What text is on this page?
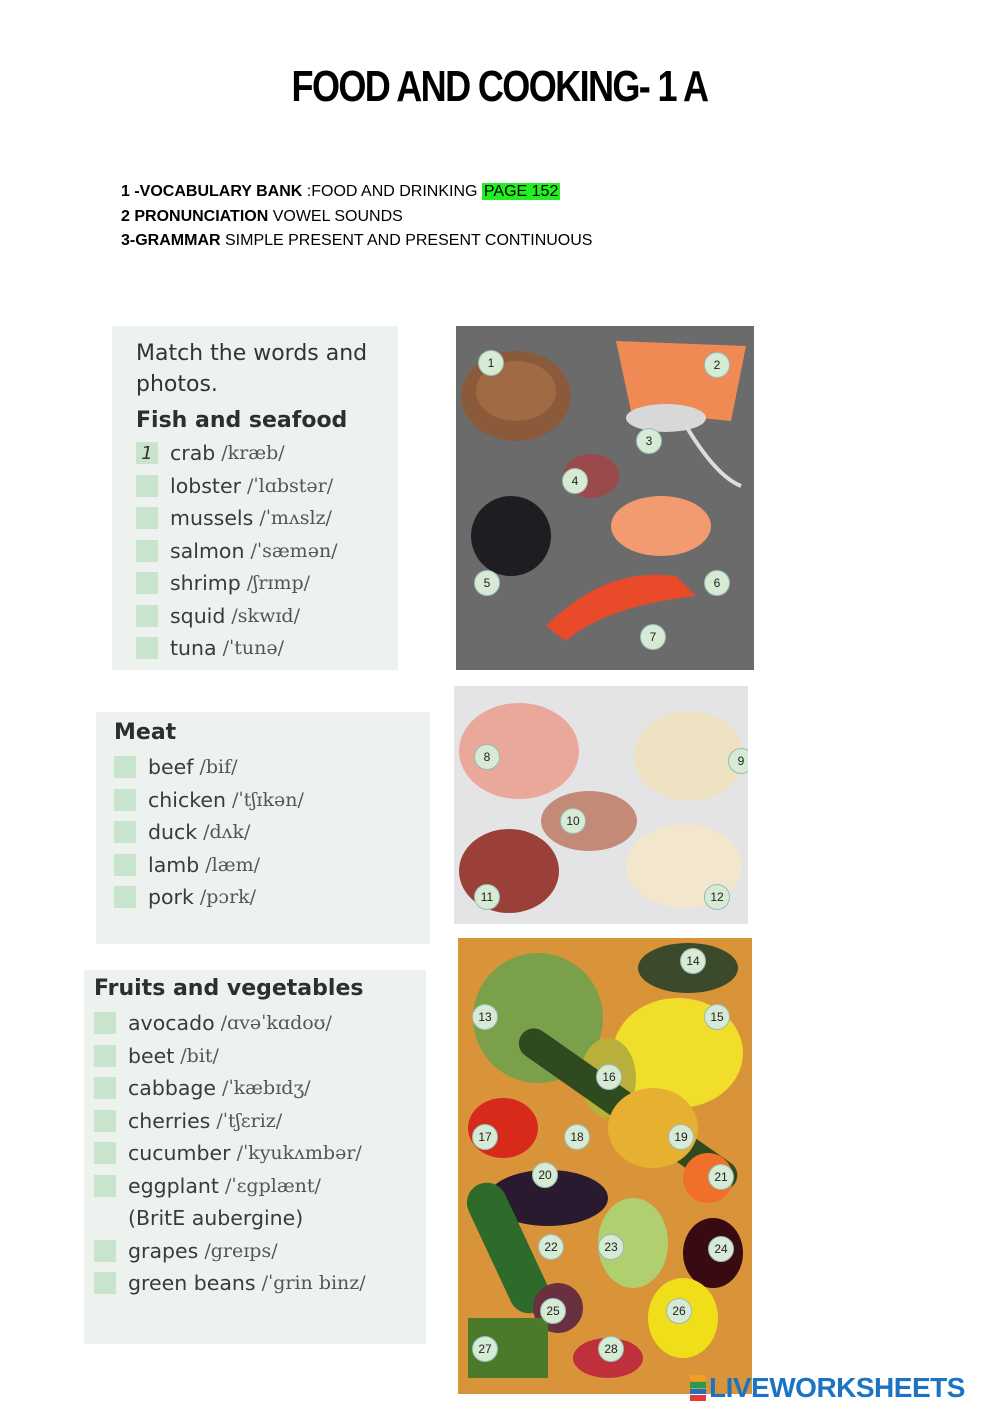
FOOD AND COOKING- 1 A
1 -VOCABULARY BANK :FOOD AND DRINKING PAGE 152
2 PRONUNCIATION VOWEL SOUNDS
3-GRAMMAR SIMPLE PRESENT AND PRESENT CONTINUOUS
Match the words and photos.
Fish and seafood
1 crab /kræb/
lobster /ˈlɑbstər/
mussels /ˈmʌslz/
salmon /ˈsæmən/
shrimp /ʃrɪmp/
squid /skwɪd/
tuna /ˈtunə/
Meat
beef /bif/
chicken /ˈtʃɪkən/
duck /dʌk/
lamb /læm/
pork /pɔrk/
Fruits and vegetables
avocado /ɑvəˈkɑdoʊ/
beet /bit/
cabbage /ˈkæbɪdʒ/
cherries /ˈtʃɛriz/
cucumber /ˈkyukʌmbər/
eggplant /ˈɛgplænt/
(BritE aubergine)
grapes /greɪps/
green beans /ˈgrin binz/
1	2
3
4
5	6
7
8	9
10
11	12
13
14
15
16
17	18	19
20	21
22	23	24
25	26
27	28
LIVEWORKSHEETS
